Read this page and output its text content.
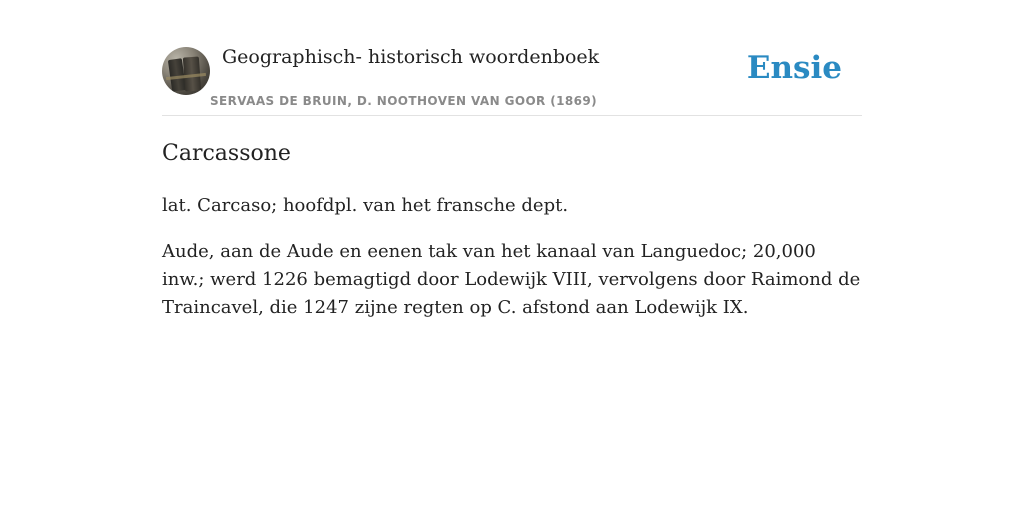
Geographisch- historisch woordenboek
SERVAAS DE BRUIN, D. NOOTHOVEN VAN GOOR (1869)
Ensie
Carcassone

lat. Carcaso; hoofdpl. van het fransche dept.

Aude, aan de Aude en eenen tak van het kanaal van Languedoc; 20,000 inw.; werd 1226 bemagtigd door Lodewijk VIII, vervolgens door Raimond de Traincavel, die 1247 zijne regten op C. afstond aan Lodewijk IX.
